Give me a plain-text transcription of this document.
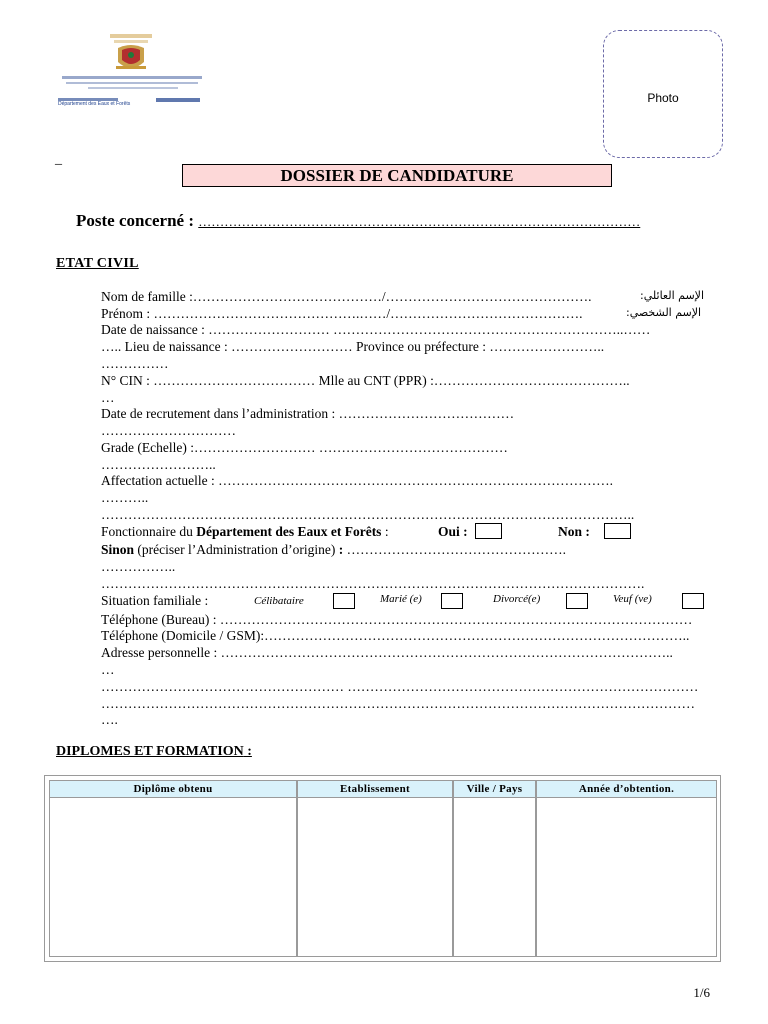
Département des Eaux et Forêts	Photo
_
DOSSIER DE CANDIDATURE
Poste concerné : …………………………………………………………………………………………
ETAT CIVIL
Nom de famille :……………………………………/……………………………………….	الإسم العائلي:
Prénom : ……………………………………….……/…………………………………….	الإسم الشخصي:
Date de naissance : ……………………… ………………………………………………………..……
….. Lieu de naissance : ……………………… Province ou préfecture : ……………………..
……………
N° CIN : ……………………………… Mlle au CNT (PPR) :……………………………………..
…
Date de recrutement dans l’administration : …………………………………
…………………………
Grade (Echelle) :……………………… ……………………………………
……………………..
Affectation actuelle : …………………………………………………………………………….
………..
………………………………………………………………………………………………………..
Fonctionnaire du Département des Eaux et Forêts :	Oui :	Non :
Sinon (préciser l’Administration d’origine) : ………………………………………….
……………..
………………………………………………………………………………………………………….
Situation familiale :	Célibataire	Marié (e)	Divorcé(e)	Veuf (ve)
Téléphone (Bureau) : ……………………………………………………………………………………………
Téléphone (Domicile / GSM):…………………………………………………………………………………..
Adresse personnelle : ………………………………………………………………………………………..
…
……………………………………………… ……………………………………………………………………
……………………………………………………………………………………………………………………
….
DIPLOMES ET FORMATION :
Diplôme obtenu	Etablissement	Ville / Pays	Année d’obtention.
1/6
